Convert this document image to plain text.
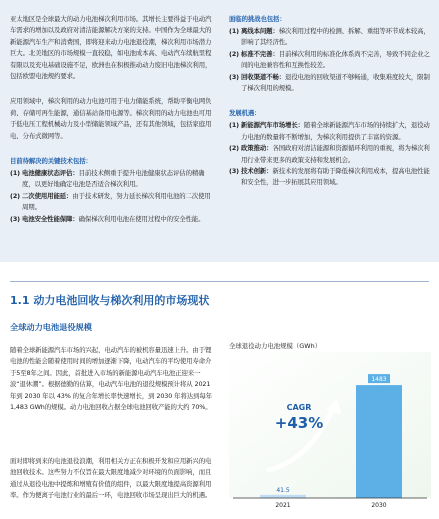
亚太地区是全球最大的动力电池梯次利用市场。其增长主要得益于电动汽车需求的增加以及政府对清洁能源解决方案的支持。中国作为全球最大的新能源汽车生产和消费国，即将迎来动力电池退役潮，梯次利用市场潜力巨大。北美地区的市场规模一直较稳，如电池成本高、电动汽车续航里程有限以及充电基础设施不足，欧洲也在积极推动动力废旧电池梯次利用，包括欧盟电池规约要求。
应用领域中，梯次利用的动力电池可用于电力储能系统，帮助平衡电网负荷、存储可再生能源，通信基站备用电源等。梯次利用的动力电池也可用于低电压工程机械动力及小型储能领域产品，还有其他领域，包括家庭用电、分布式微网等。
目前待解决的关键技术包括：
(1) 电池健康状态评估：目前技术侧重于提升电池健康状态评估的精确度，以更好地确定电池是否适合梯次利用。
(2) 二次使用用能延：由于技术研发，努力延长梯次利用电池的二次使用周期。
(3) 电池安全性能保障：确保梯次利用电池在使用过程中的安全性能。
面临的挑战也包括：
(1) 离线本问题：梯次利用过程中的检测、拆解、重组等环节成本较高，影响了其经济性。
(2) 标准不完善：目前梯次利用的标准化体系尚不完善，导致不同企业之间的电池兼容性和互换性较差。
(3) 回收渠道不畅：退役电池的回收渠道不够畅通，收集难度较大，限制了梯次利用的规模。
发展机遇：
(1) 新能源汽车市场增长：随着全球新能源汽车市场的持续扩大，退役动力电池的数量将不断增加，为梯次利用提供了丰富的资源。
(2) 政策推动：各国政府对清洁能源和资源循环利用的重视，将为梯次利用行业带来更多的政策支持和发展机会。
(3) 技术创新：新技术的发展将有助于降低梯次利用成本，提高电池性能和安全性，进一步拓展其应用领域。
1.1 动力电池回收与梯次利用的市场现状
全球动力电池退役规模
随着全球新能源汽车市场的兴起，电动汽车的被机容量迅速上升。由于锂电池的性能会随着使用时间的增加逐渐下降，电动汽车的平均使用寿命介于5至8年之间。因此，首批进入市场的新能源电动汽车电池正迎来一波“退休潮”。根据德勤的估算，电动汽车电池的退役规模预计将从 2021 年到 2030 年以 43% 的复合年增长率快速增长，到 2030 年将达到每年1,483 GWh的规模。动力电池回收占据全球电池回收产能的大约 70%。
面对即将到来的电池退役浪潮，利用相关方正在积极开发和应用新兴的电池回收技术。这些努力不仅旨在最大限度地减少对环境的负面影响，而且通过从退役电池中提炼和增殖有价值的组件，以最大限度地提高资源利用率。作为便离子电池行业的最后一环，电池回收市场呈现出巨大的机遇。
全球退役动力电池规模（GWh）
41.5
2021
1483
2030
CAGR
+43%
